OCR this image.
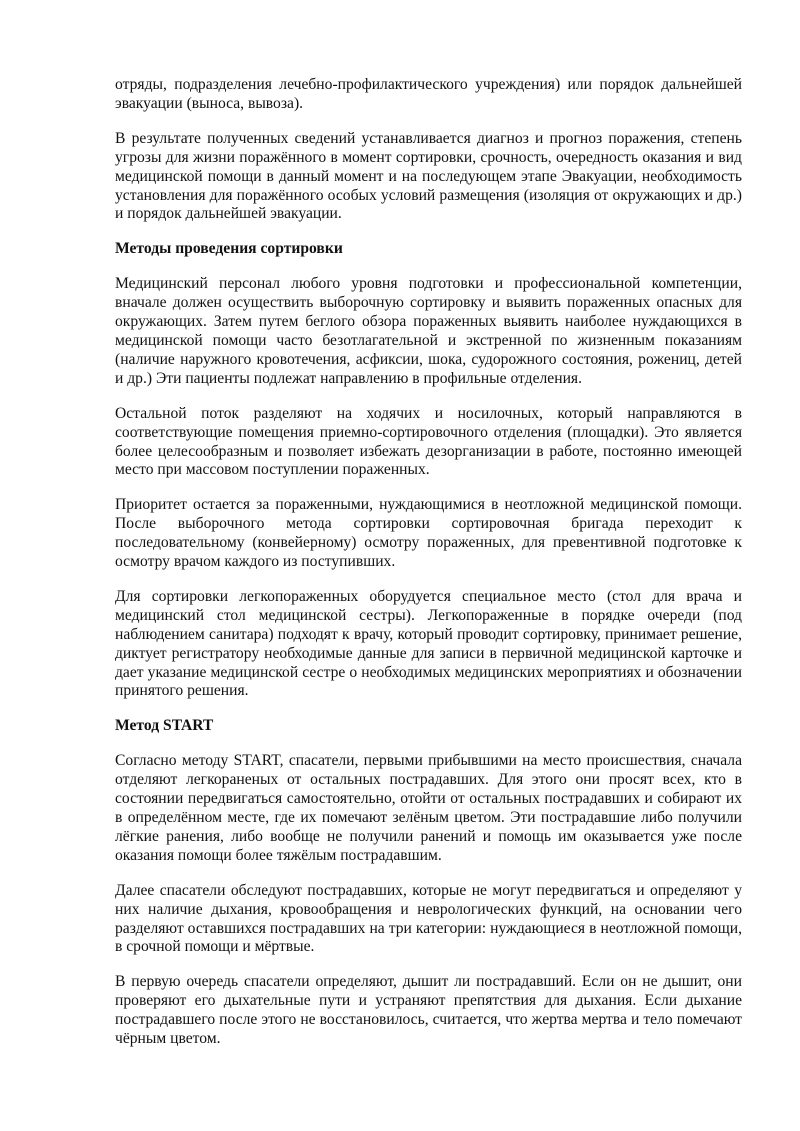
отряды, подразделения лечебно-профилактического учреждения) или порядок дальнейшей эвакуации (выноса, вывоза).

В результате полученных сведений устанавливается диагноз и прогноз поражения, степень угрозы для жизни поражённого в момент сортировки, срочность, очередность оказания и вид медицинской помощи в данный момент и на последующем этапе Эвакуации, необходимость установления для поражённого особых условий размещения (изоляция от окружающих и др.) и порядок дальнейшей эвакуации.

Методы проведения сортировки

Медицинский персонал любого уровня подготовки и профессиональной компетенции, вначале должен осуществить выборочную сортировку и выявить пораженных опасных для окружающих. Затем путем беглого обзора пораженных выявить наиболее нуждающихся в медицинской помощи часто безотлагательной и экстренной по жизненным показаниям (наличие наружного кровотечения, асфиксии, шока, судорожного состояния, рожениц, детей и др.) Эти пациенты подлежат направлению в профильные отделения.

Остальной поток разделяют на ходячих и носилочных, который направляются в соответствующие помещения приемно-сортировочного отделения (площадки). Это является более целесообразным и позволяет избежать дезорганизации в работе, постоянно имеющей место при массовом поступлении пораженных.

Приоритет остается за пораженными, нуждающимися в неотложной медицинской помощи. После выборочного метода сортировки сортировочная бригада переходит к последовательному (конвейерному) осмотру пораженных, для превентивной подготовке к осмотру врачом каждого из поступивших.

Для сортировки легкопораженных оборудуется специальное место (стол для врача и медицинский стол медицинской сестры). Легкопораженные в порядке очереди (под наблюдением санитара) подходят к врачу, который проводит сортировку, принимает решение, диктует регистратору необходимые данные для записи в первичной медицинской карточке и дает указание медицинской сестре о необходимых медицинских мероприятиях и обозначении принятого решения.

Метод START

Согласно методу START, спасатели, первыми прибывшими на место происшествия, сначала отделяют легкораненых от остальных пострадавших. Для этого они просят всех, кто в состоянии передвигаться самостоятельно, отойти от остальных пострадавших и собирают их в определённом месте, где их помечают зелёным цветом. Эти пострадавшие либо получили лёгкие ранения, либо вообще не получили ранений и помощь им оказывается уже после оказания помощи более тяжёлым пострадавшим.

Далее спасатели обследуют пострадавших, которые не могут передвигаться и определяют у них наличие дыхания, кровообращения и неврологических функций, на основании чего разделяют оставшихся пострадавших на три категории: нуждающиеся в неотложной помощи, в срочной помощи и мёртвые.

В первую очередь спасатели определяют, дышит ли пострадавший. Если он не дышит, они проверяют его дыхательные пути и устраняют препятствия для дыхания. Если дыхание пострадавшего после этого не восстановилось, считается, что жертва мертва и тело помечают чёрным цветом.
